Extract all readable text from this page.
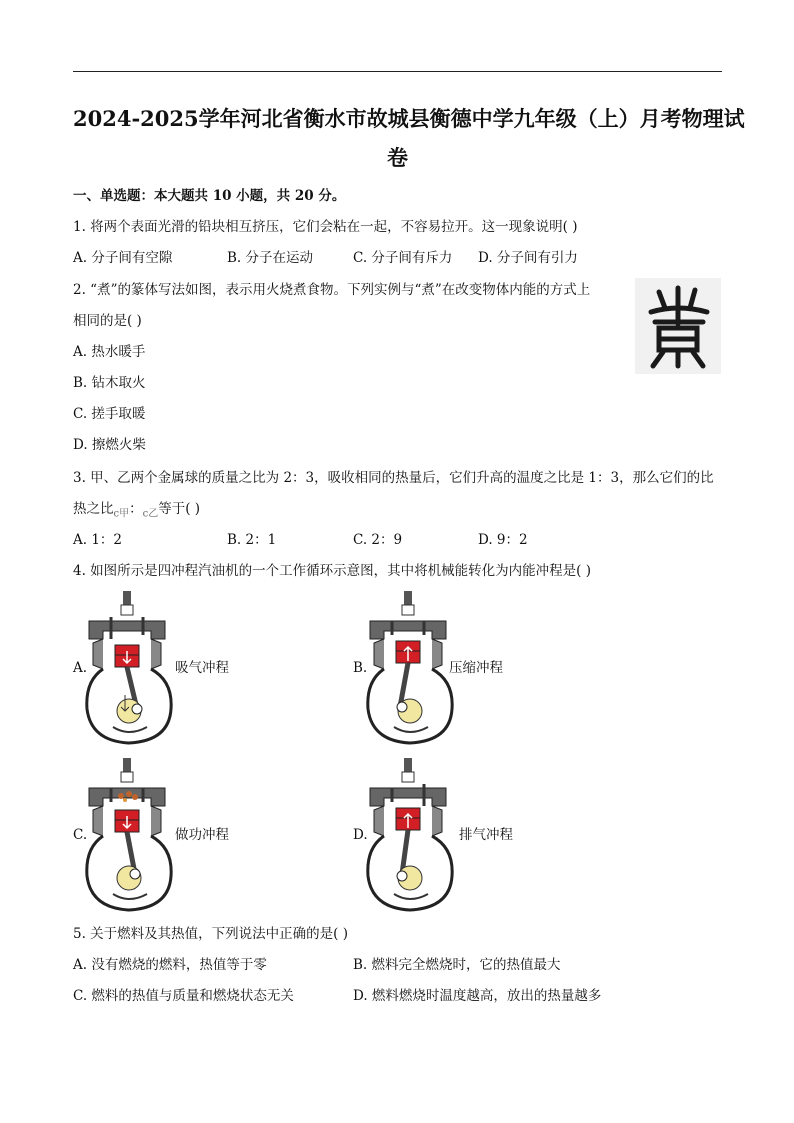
2024-2025学年河北省衡水市故城县衡德中学九年级（上）月考物理试
卷
一、单选题：本大题共 10 小题，共 20 分。
1. 将两个表面光滑的铅块相互挤压，它们会粘在一起，不容易拉开。这一现象说明( )
A. 分子间有空隙	B. 分子在运动	C. 分子间有斥力 D. 分子间有引力
2. “煮”的篆体写法如图，表示用火烧煮食物。下列实例与“煮”在改变物体内能的方式上
相同的是( )
A. 热水暖手
B. 钻木取火
C. 搓手取暖
D. 擦燃火柴
3. 甲、乙两个金属球的质量之比为 2：3，吸收相同的热量后，它们升高的温度之比是 1：3，那么它们的比
热之比$_{c甲}$：$_{c乙}$等于( )
A. 1：2	B. 2：1	C. 2：9	D. 9：2
4. 如图所示是四冲程汽油机的一个工作循环示意图，其中将机械能转化为内能冲程是( )
A.	吸气冲程	B.	压缩冲程
C.	做功冲程	D.	排气冲程
5. 关于燃料及其热值，下列说法中正确的是( )
A. 没有燃烧的燃料，热值等于零	B. 燃料完全燃烧时，它的热值最大
C. 燃料的热值与质量和燃烧状态无关	D. 燃料燃烧时温度越高，放出的热量越多
